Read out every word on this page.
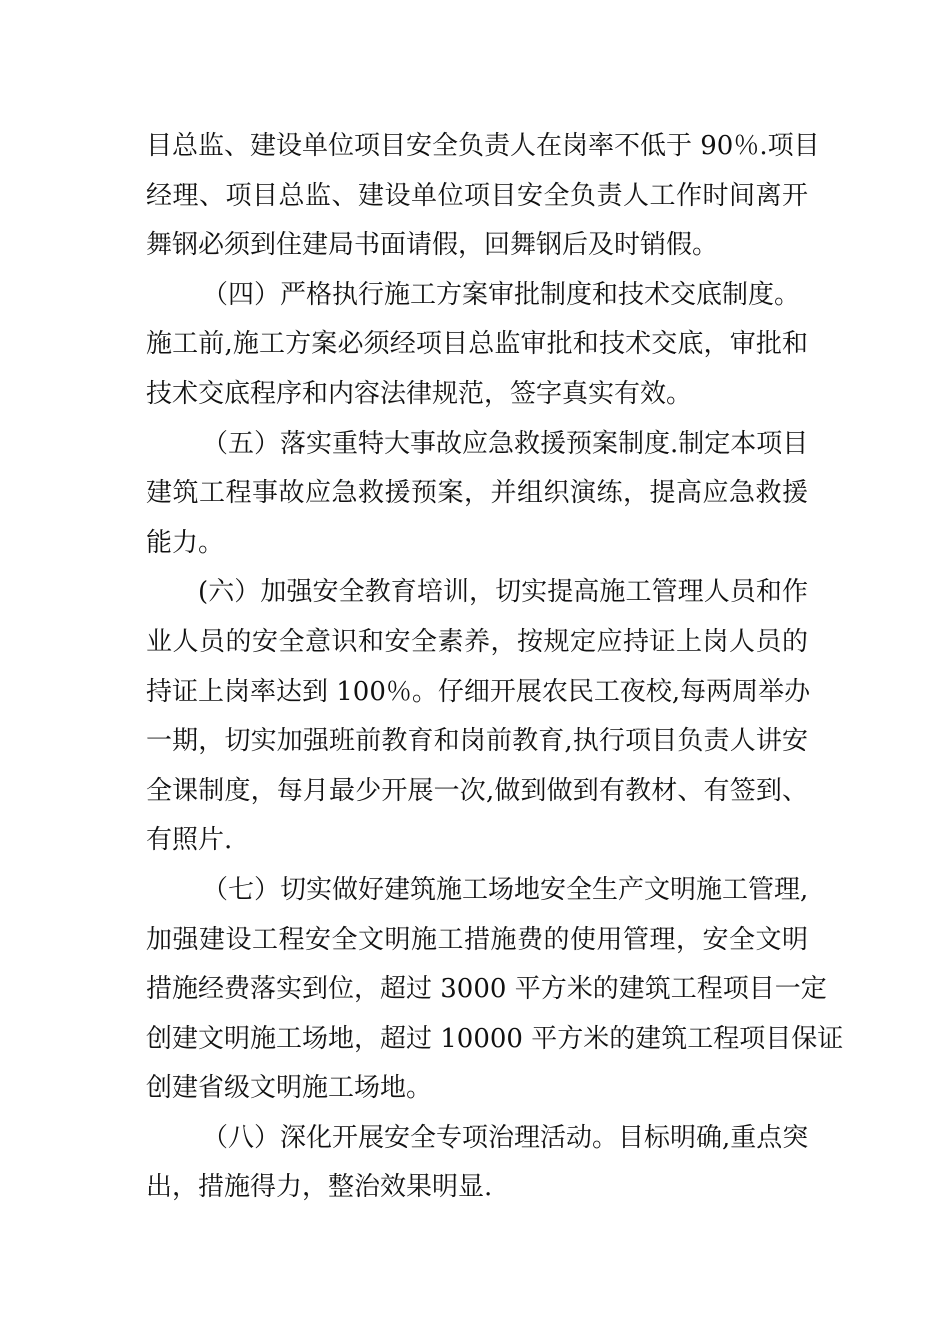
目总监、建设单位项目安全负责人在岗率不低于 90％.项目
经理、项目总监、建设单位项目安全负责人工作时间离开
舞钢必须到住建局书面请假，回舞钢后及时销假。
（四）严格执行施工方案审批制度和技术交底制度。
施工前,施工方案必须经项目总监审批和技术交底，审批和
技术交底程序和内容法律规范，签字真实有效。
（五）落实重特大事故应急救援预案制度.制定本项目
建筑工程事故应急救援预案，并组织演练，提高应急救援
能力。
(六）加强安全教育培训，切实提高施工管理人员和作
业人员的安全意识和安全素养，按规定应持证上岗人员的
持证上岗率达到 100％。仔细开展农民工夜校,每两周举办
一期，切实加强班前教育和岗前教育,执行项目负责人讲安
全课制度，每月最少开展一次,做到做到有教材、有签到、
有照片.
（七）切实做好建筑施工场地安全生产文明施工管理,
加强建设工程安全文明施工措施费的使用管理，安全文明
措施经费落实到位，超过 3000 平方米的建筑工程项目一定
创建文明施工场地，超过 10000 平方米的建筑工程项目保证
创建省级文明施工场地。
（八）深化开展安全专项治理活动。目标明确,重点突
出，措施得力，整治效果明显.
